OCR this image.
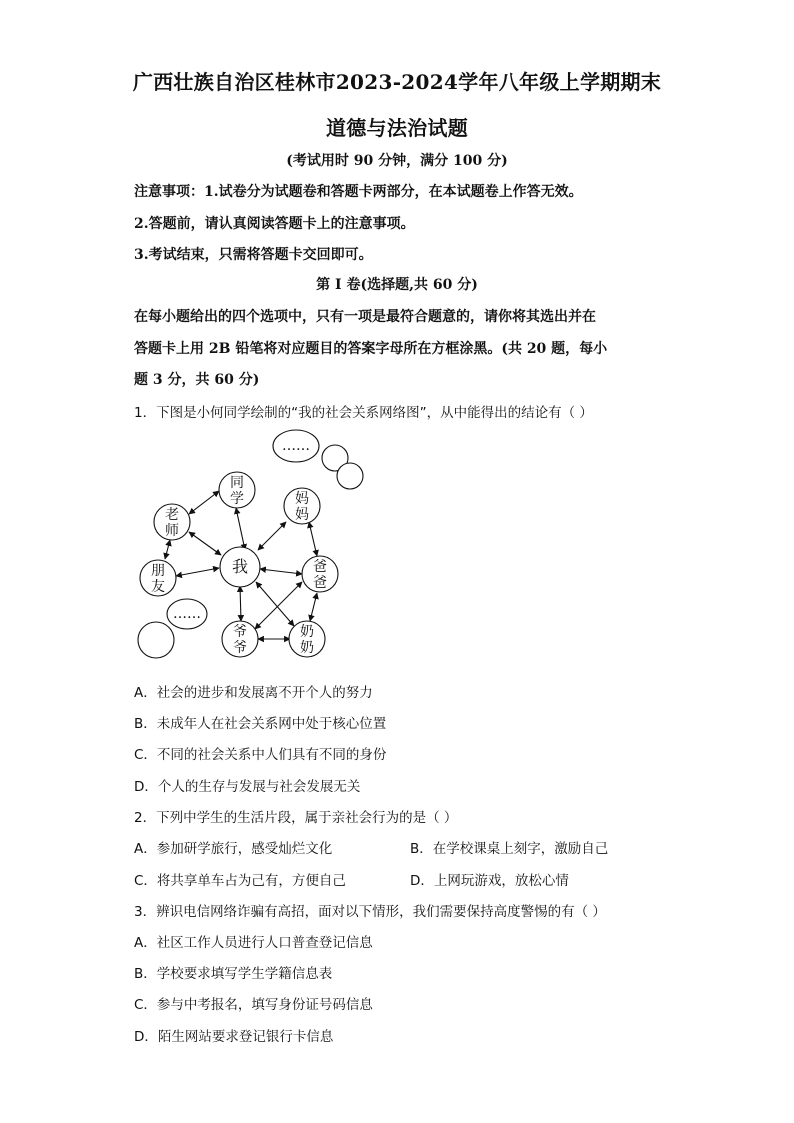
广西壮族自治区桂林市2023-2024学年八年级上学期期末
道德与法治试题
(考试用时 90 分钟，满分 100 分)
注意事项：1.试卷分为试题卷和答题卡两部分，在本试题卷上作答无效。
2.答题前，请认真阅读答题卡上的注意事项。
3.考试结束，只需将答题卡交回即可。
第 I 卷(选择题,共 60 分)
在每小题给出的四个选项中，只有一项是最符合题意的，请你将其选出并在
答题卡上用 2B 铅笔将对应题目的答案字母所在方框涂黑。(共 20 题，每小
题 3 分，共 60 分)
1．下图是小何同学绘制的“我的社会关系网络图”，从中能得出的结论有（ ）
……
同
学
老
师
妈
妈
我
朋
友
爸
爸
……
爷
爷
奶
奶
A．社会的进步和发展离不开个人的努力
B．未成年人在社会关系网中处于核心位置
C．不同的社会关系中人们具有不同的身份
D．个人的生存与发展与社会发展无关
2．下列中学生的生活片段，属于亲社会行为的是（ ）
A．参加研学旅行，感受灿烂文化	B．在学校课桌上刻字，激励自己
C．将共享单车占为己有，方便自己	D．上网玩游戏，放松心情
3．辨识电信网络诈骗有高招，面对以下情形，我们需要保持高度警惕的有（ ）
A．社区工作人员进行人口普查登记信息
B．学校要求填写学生学籍信息表
C．参与中考报名，填写身份证号码信息
D．陌生网站要求登记银行卡信息
